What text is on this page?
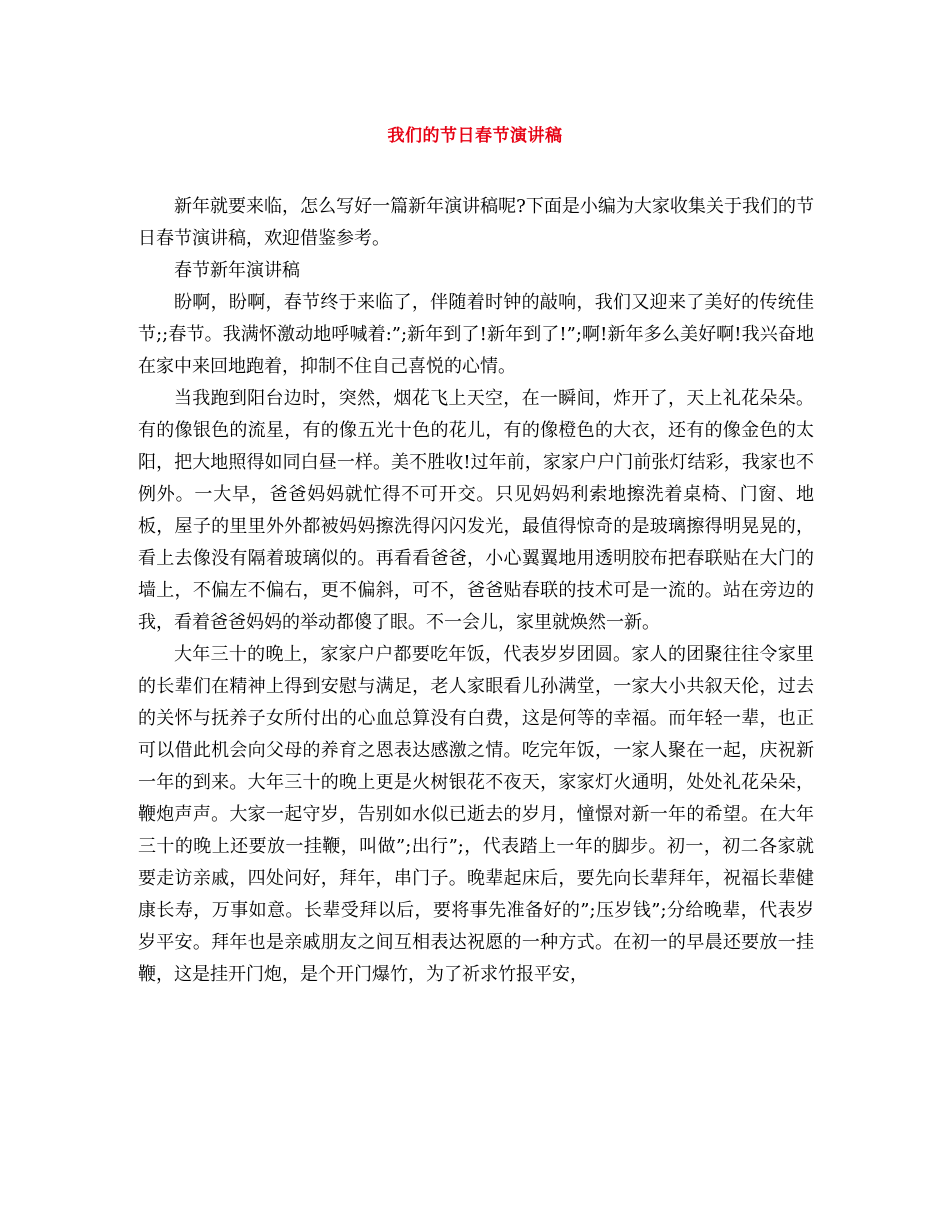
我们的节日春节演讲稿

新年就要来临，怎么写好一篇新年演讲稿呢?下面是小编为大家收集关于我们的节日春节演讲稿，欢迎借鉴参考。

春节新年演讲稿

盼啊，盼啊，春节终于来临了，伴随着时钟的敲响，我们又迎来了美好的传统佳节;;春节。我满怀激动地呼喊着:”;新年到了!新年到了!”;啊!新年多么美好啊!我兴奋地在家中来回地跑着，抑制不住自己喜悦的心情。

当我跑到阳台边时，突然，烟花飞上天空，在一瞬间，炸开了，天上礼花朵朵。有的像银色的流星，有的像五光十色的花儿，有的像橙色的大衣，还有的像金色的太阳，把大地照得如同白昼一样。美不胜收!过年前，家家户户门前张灯结彩，我家也不例外。一大早，爸爸妈妈就忙得不可开交。只见妈妈利索地擦洗着桌椅、门窗、地板，屋子的里里外外都被妈妈擦洗得闪闪发光，最值得惊奇的是玻璃擦得明晃晃的，看上去像没有隔着玻璃似的。再看看爸爸，小心翼翼地用透明胶布把春联贴在大门的墙上，不偏左不偏右，更不偏斜，可不，爸爸贴春联的技术可是一流的。站在旁边的我，看着爸爸妈妈的举动都傻了眼。不一会儿，家里就焕然一新。

大年三十的晚上，家家户户都要吃年饭，代表岁岁团圆。家人的团聚往往令家里的长辈们在精神上得到安慰与满足，老人家眼看儿孙满堂，一家大小共叙天伦，过去的关怀与抚养子女所付出的心血总算没有白费，这是何等的幸福。而年轻一辈，也正可以借此机会向父母的养育之恩表达感激之情。吃完年饭，一家人聚在一起，庆祝新一年的到来。大年三十的晚上更是火树银花不夜天，家家灯火通明，处处礼花朵朵，鞭炮声声。大家一起守岁，告别如水似已逝去的岁月，憧憬对新一年的希望。在大年三十的晚上还要放一挂鞭，叫做”;出行”;，代表踏上一年的脚步。初一，初二各家就要走访亲戚，四处问好，拜年，串门子。晚辈起床后，要先向长辈拜年，祝福长辈健康长寿，万事如意。长辈受拜以后，要将事先准备好的”;压岁钱”;分给晚辈，代表岁岁平安。拜年也是亲戚朋友之间互相表达祝愿的一种方式。在初一的早晨还要放一挂鞭，这是挂开门炮，是个开门爆竹，为了祈求竹报平安，
